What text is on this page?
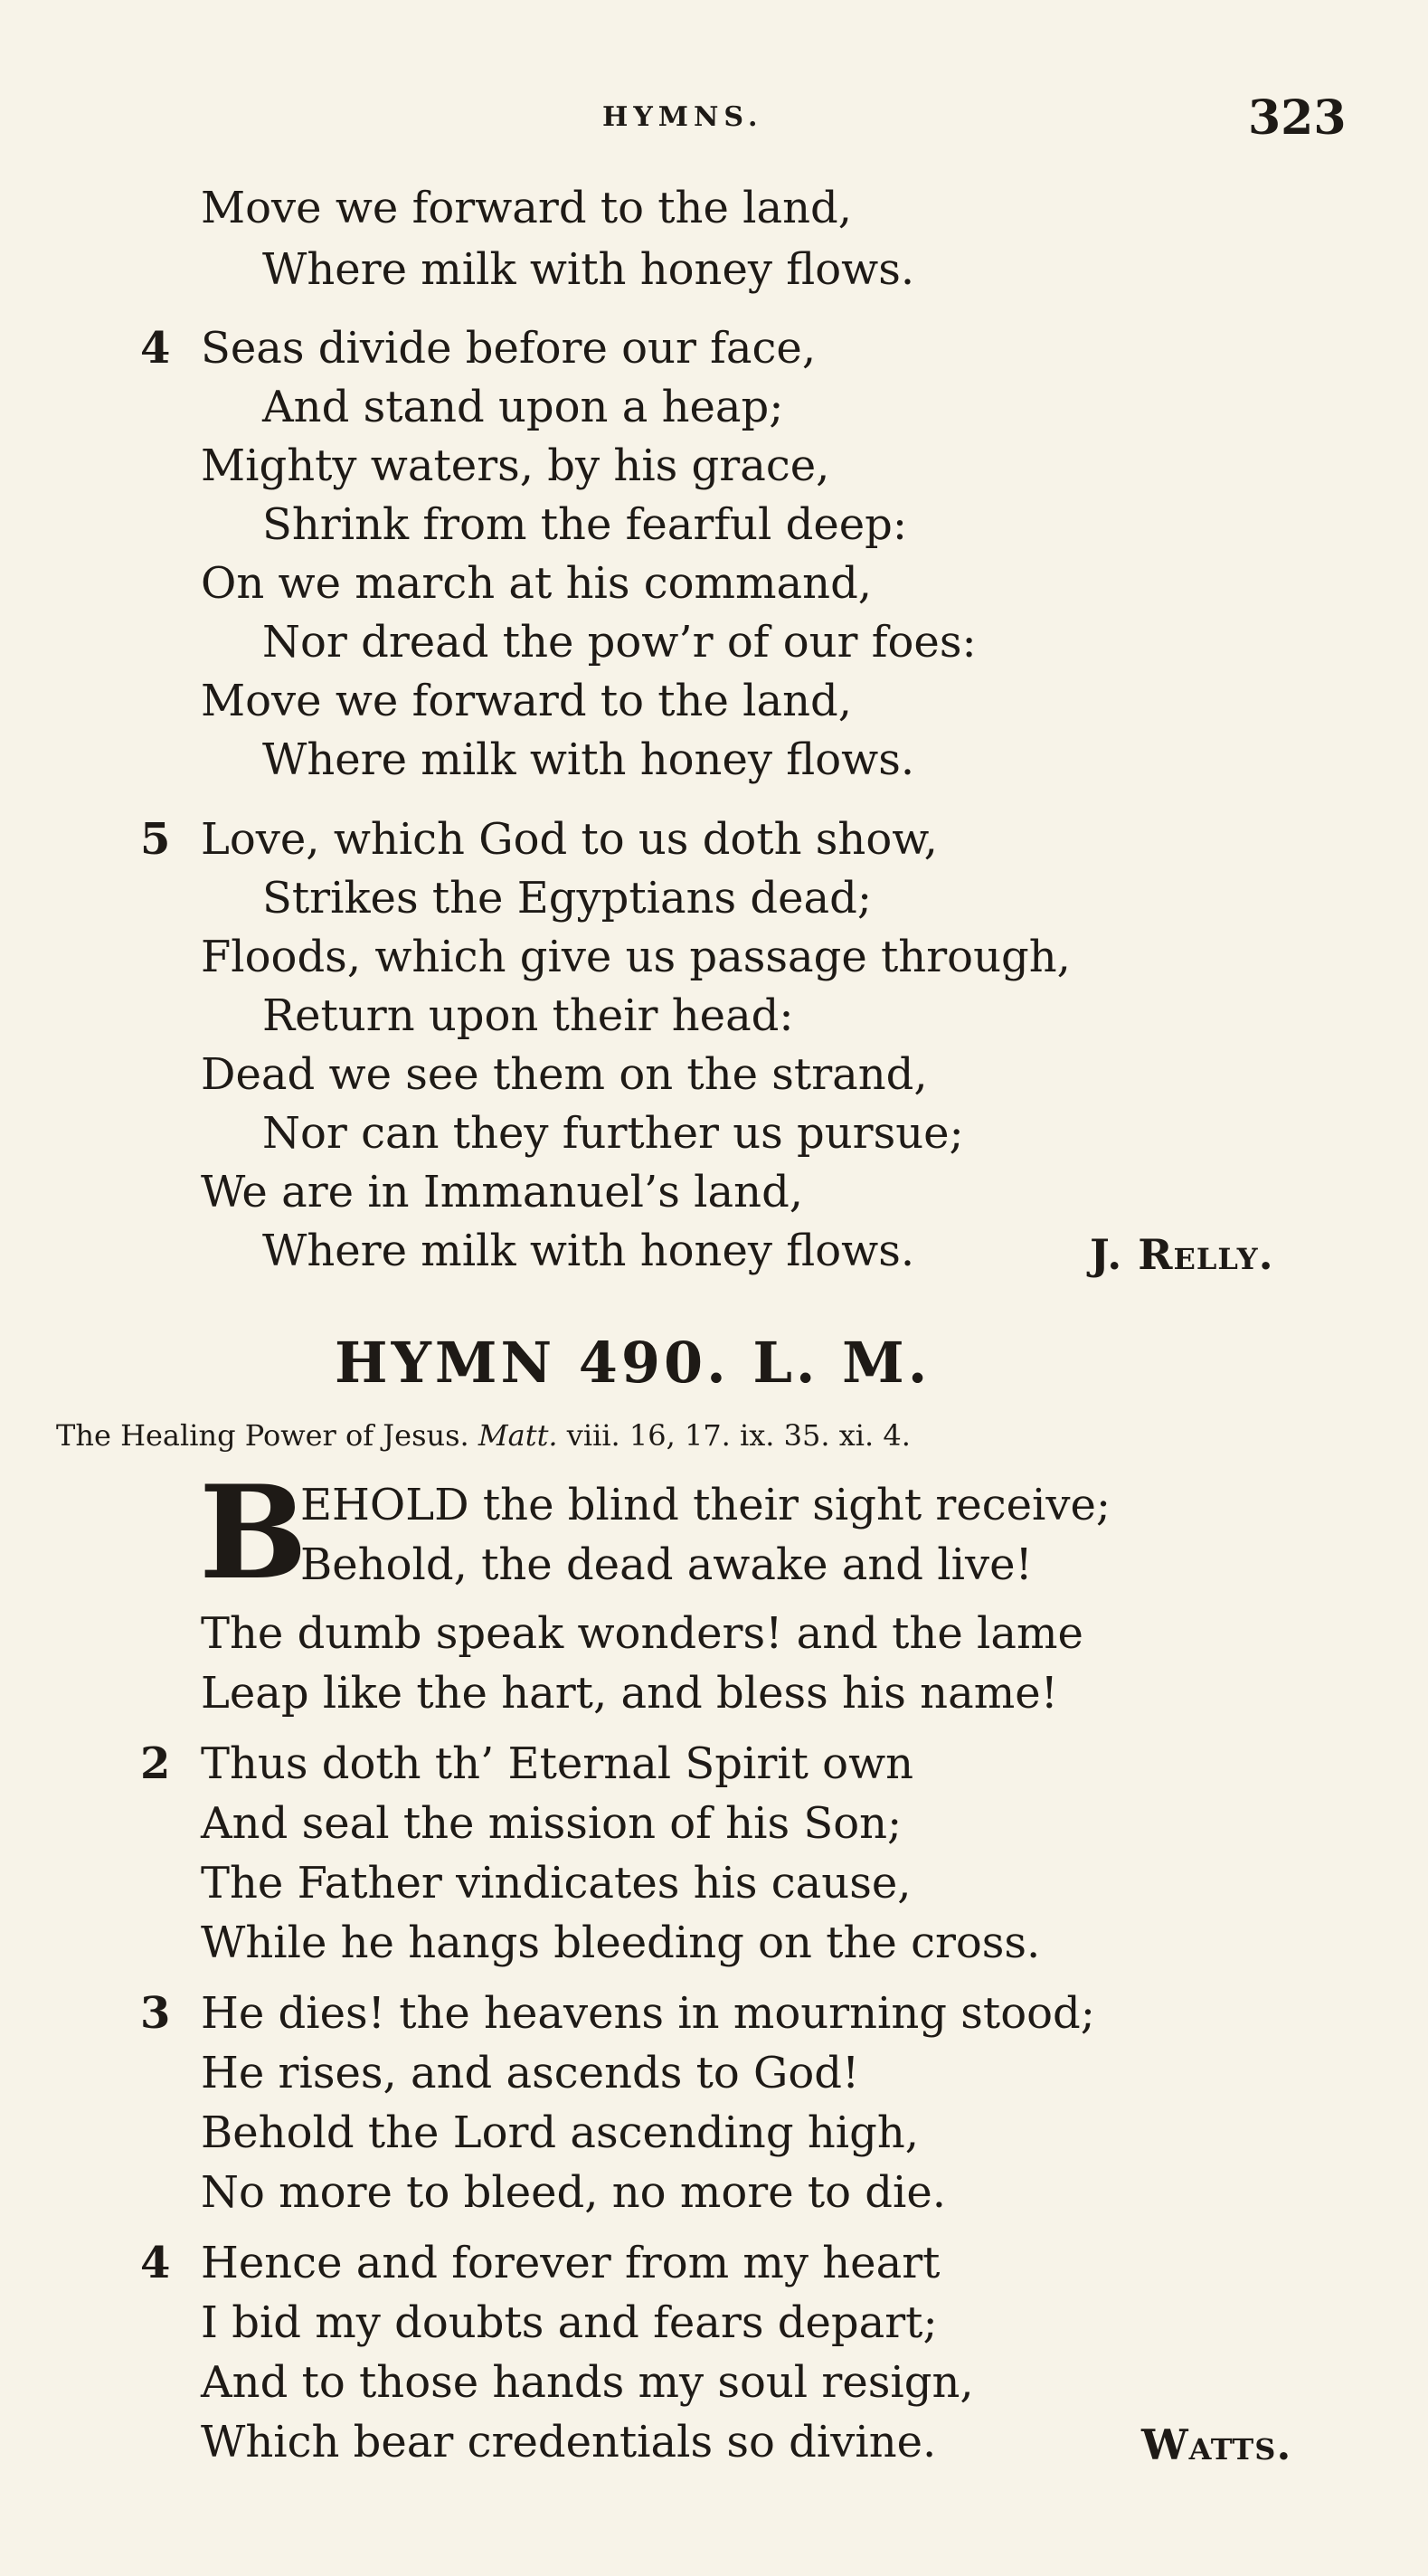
HYMNS.	323
Move we forward to the land,
Where milk with honey flows.
4 Seas divide before our face,
And stand upon a heap;
Mighty waters, by his grace,
Shrink from the fearful deep:
On we march at his command,
Nor dread the pow’r of our foes:
Move we forward to the land,
Where milk with honey flows.
5 Love, which God to us doth show,
Strikes the Egyptians dead;
Floods, which give us passage through,
Return upon their head:
Dead we see them on the strand,
Nor can they further us pursue;
We are in Immanuel’s land,
Where milk with honey flows.	J. Relly.
HYMN 490. L. M.
The Healing Power of Jesus. Matt. viii. 16, 17. ix. 35. xi. 4.
B
EHOLD the blind their sight receive;
Behold, the dead awake and live!
The dumb speak wonders! and the lame
Leap like the hart, and bless his name!
2 Thus doth th’ Eternal Spirit own
And seal the mission of his Son;
The Father vindicates his cause,
While he hangs bleeding on the cross.
3 He dies! the heavens in mourning stood;
He rises, and ascends to God!
Behold the Lord ascending high,
No more to bleed, no more to die.
4 Hence and forever from my heart
I bid my doubts and fears depart;
And to those hands my soul resign,
Which bear credentials so divine.	Watts.
